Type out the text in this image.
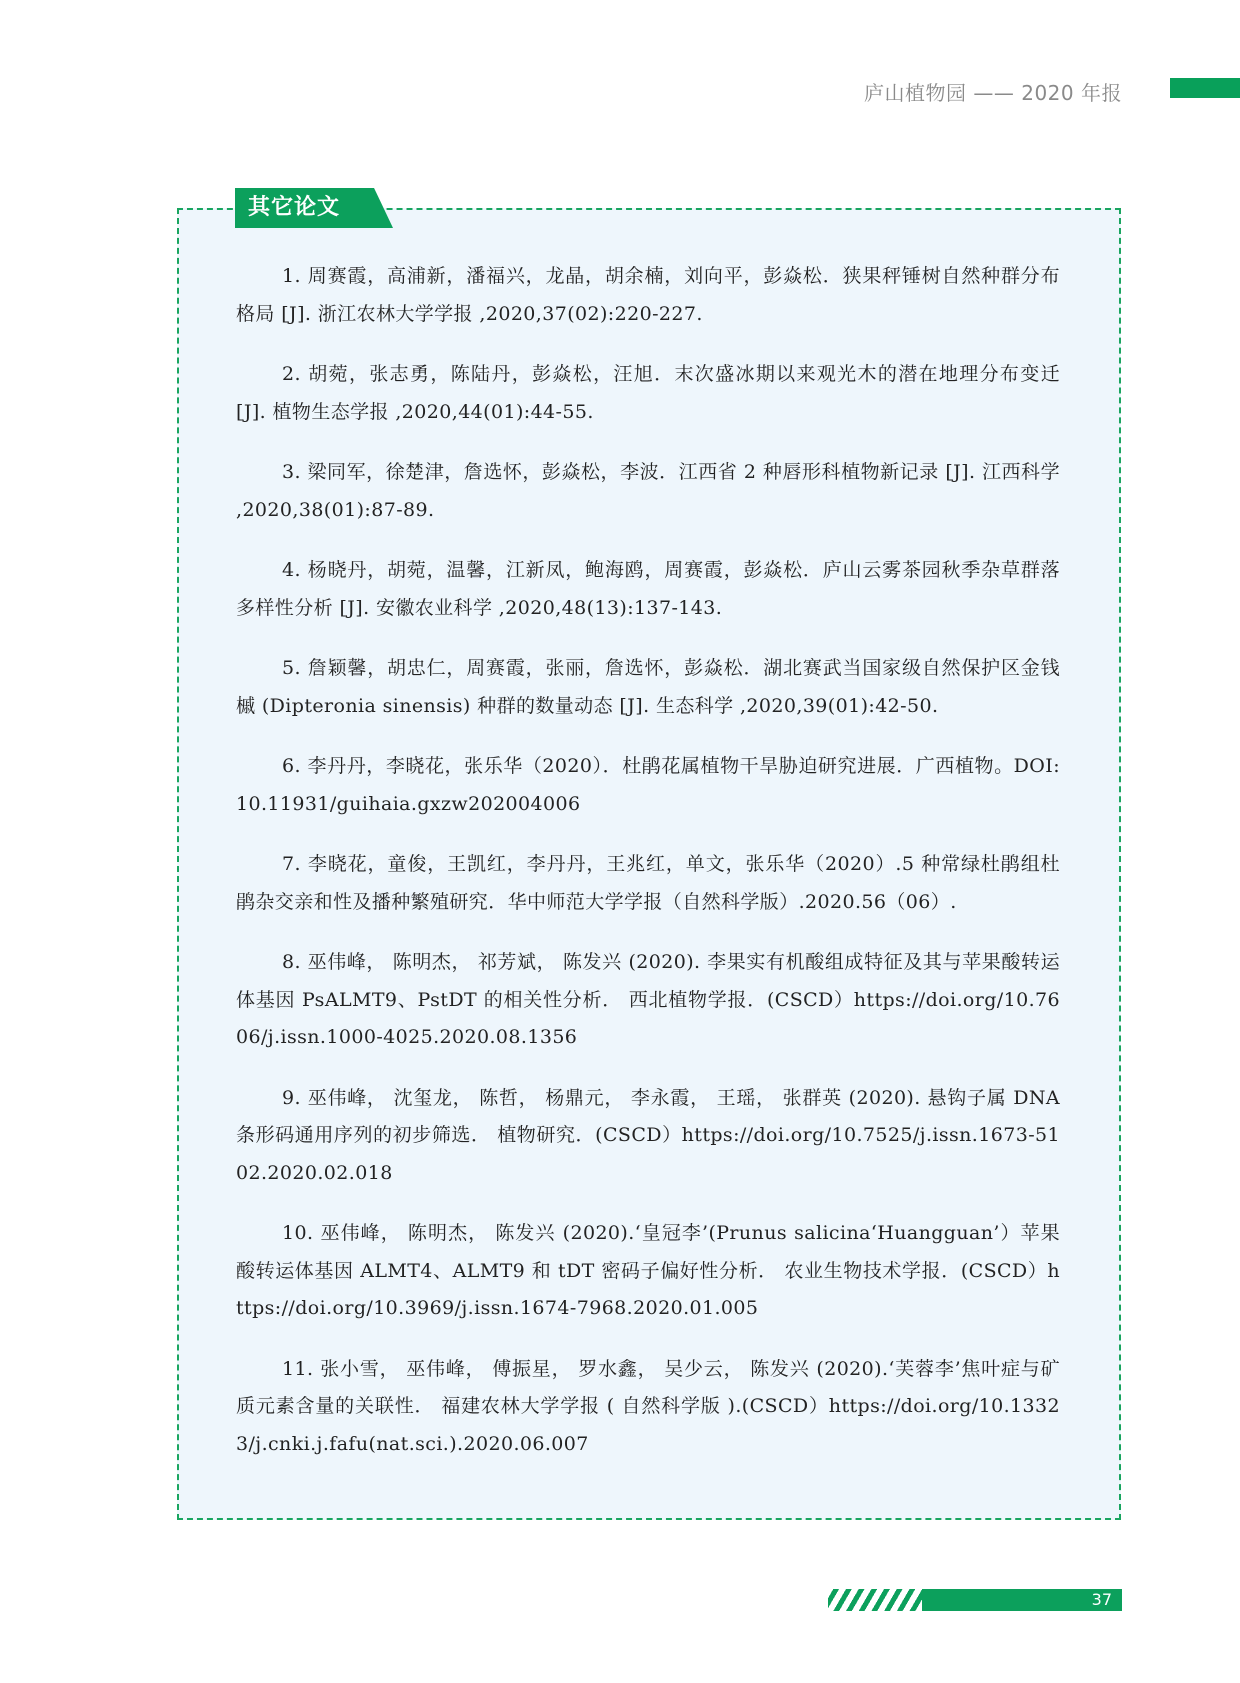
庐山植物园 —— 2020 年报
其它论文
1. 周赛霞，高浦新，潘福兴，龙晶，胡余楠，刘向平，彭焱松．狭果秤锤树自然种群分布格局 [J]. 浙江农林大学学报 ,2020,37(02):220-227.
2. 胡菀，张志勇，陈陆丹，彭焱松，汪旭．末次盛冰期以来观光木的潜在地理分布变迁 [J]. 植物生态学报 ,2020,44(01):44-55.
3. 梁同军，徐楚津，詹选怀，彭焱松，李波．江西省 2 种唇形科植物新记录 [J]. 江西科学 ,2020,38(01):87-89.
4. 杨晓丹，胡菀，温馨，江新凤，鲍海鸥，周赛霞，彭焱松．庐山云雾茶园秋季杂草群落多样性分析 [J]. 安徽农业科学 ,2020,48(13):137-143.
5. 詹颖馨，胡忠仁，周赛霞，张丽，詹选怀，彭焱松．湖北赛武当国家级自然保护区金钱槭 (Dipteronia sinensis) 种群的数量动态 [J]. 生态科学 ,2020,39(01):42-50.
6. 李丹丹，李晓花，张乐华（2020）．杜鹃花属植物干旱胁迫研究进展．广西植物。DOI:10.11931/guihaia.gxzw202004006
7. 李晓花，童俊，王凯红，李丹丹，王兆红，单文，张乐华（2020）.5 种常绿杜鹃组杜鹃杂交亲和性及播种繁殖研究．华中师范大学学报（自然科学版）.2020.56（06）.
8. 巫伟峰， 陈明杰， 祁芳斌， 陈发兴 (2020). 李果实有机酸组成特征及其与苹果酸转运体基因 PsALMT9、PstDT 的相关性分析． 西北植物学报．(CSCD）https://doi.org/10.7606/j.issn.1000-4025.2020.08.1356
9. 巫伟峰， 沈玺龙， 陈哲， 杨鼎元， 李永霞， 王瑶， 张群英 (2020). 悬钩子属 DNA 条形码通用序列的初步筛选． 植物研究．(CSCD）https://doi.org/10.7525/j.issn.1673-5102.2020.02.018
10. 巫伟峰， 陈明杰， 陈发兴 (2020).‘皇冠李’(Prunus salicina‘Huangguan’）苹果酸转运体基因 ALMT4、ALMT9 和 tDT 密码子偏好性分析． 农业生物技术学报．(CSCD）https://doi.org/10.3969/j.issn.1674-7968.2020.01.005
11. 张小雪， 巫伟峰， 傅振星， 罗水鑫， 吴少云， 陈发兴 (2020).‘芙蓉李’焦叶症与矿质元素含量的关联性． 福建农林大学学报 ( 自然科学版 ).(CSCD）https://doi.org/10.13323/j.cnki.j.fafu(nat.sci.).2020.06.007
37
